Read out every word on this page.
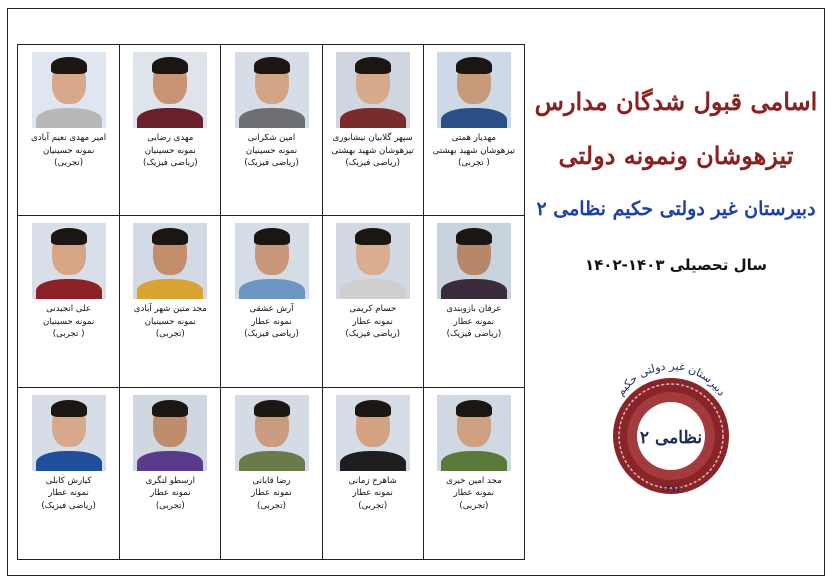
مهدیار همتی
تیزهوشان شهید بهشتی
( تجربی)
سپهر گلابیان نیشابوری
تیزهوشان شهید بهشتی
(ریاضی فیزیک)
امین شکرانی
نمونه حسینیان
(ریاضی فیزیک)
مهدی رضایی
نمونه حسینیان
(ریاضی فیزیک)
امیر مهدی نعیم آبادی
نمونه حسینیان
(تجربی)
عرفان بازوبندی
نمونه عطار
(ریاضی فیزیک)
حسام کریمی
نمونه عطار
(ریاضی فیزیک)
آرش عشقی
نمونه عطار
(ریاضی فیزیک)
مجد متین شهر آبادی
نمونه حسینیان
(تجربی)
علی انجیدنی
نمونه حسینیان
( تجربی)
مجد امین خیری
نمونه عطار
(تجربی)
شاهرخ زمانی
نمونه عطار
(تجربی)
رضا قایانی
نمونه عطار
(تجربی)
ارسطو لنگری
نمونه عطار
(تجربی)
کیارش کابلی
نمونه عطار
(ریاضی فیزیک)
اسامی قبول شدگان مدارس
تیزهوشان ونمونه دولتی
دبیرستان غیر دولتی حکیم نظامی ۲
سال تحصیلی ۱۴۰۳-۱۴۰۲
دبیرستان غیر دولتی حکیم
نظامی ۲
۱۳۷۲
